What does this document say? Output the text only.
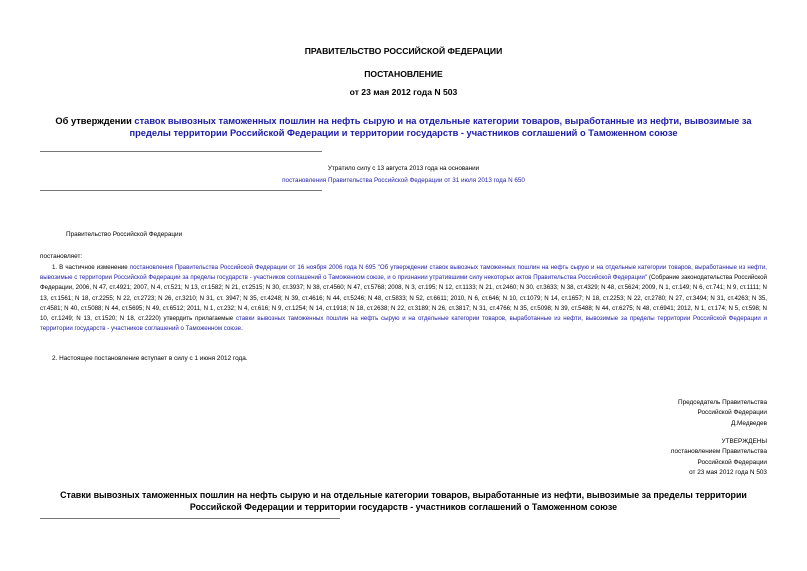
ПРАВИТЕЛЬСТВО РОССИЙСКОЙ ФЕДЕРАЦИИ
ПОСТАНОВЛЕНИЕ
от 23 мая 2012 года N 503
Об утверждении ставок вывозных таможенных пошлин на нефть сырую и на отдельные категории товаров, выработанные из нефти, вывозимые за пределы территории Российской Федерации и территории государств - участников соглашений о Таможенном союзе
Утратило силу с 13 августа 2013 года на основании
постановления Правительства Российской Федерации от 31 июля 2013 года N 650
Правительство Российской Федерации
постановляет:
1. В частичное изменение постановления Правительства Российской Федерации от 16 ноября 2006 года N 695 "Об утверждении ставок вывозных таможенных пошлин на нефть сырую и на отдельные категории товаров, выработанные из нефти, вывозимые с территории Российской Федерации за пределы государств - участников соглашений о Таможенном союзе, и о признании утратившими силу некоторых актов Правительства Российской Федерации" (Собрание законодательства Российской Федерации, 2006, N 47, ст.4921; 2007, N 4, ст.521; N 13, ст.1582; N 21, ст.2515; N 30, ст.3937; N 38, ст.4560; N 47, ст.5768; 2008, N 3, ст.195; N 12, ст.1133; N 21, ст.2460; N 30, ст.3633; N 38, ст.4329; N 48, ст.5624; 2009, N 1, ст.149; N 6, ст.741; N 9, ст.1111; N 13, ст.1561; N 18, ст.2255; N 22, ст.2723; N 26, ст.3210; N 31, ст. 3947; N 35, ст.4248; N 39, ст.4616; N 44, ст.5246; N 48, ст.5833; N 52, ст.6611; 2010, N 6, ст.646; N 10, ст.1079; N 14, ст.1657; N 18, ст.2253; N 22, ст.2780; N 27, ст.3494; N 31, ст.4263; N 35, ст.4581; N 40, ст.5088; N 44, ст.5695; N 49, ст.6512; 2011, N 1, ст.232; N 4, ст.616; N 9, ст.1254; N 14, ст.1918; N 18, ст.2638; N 22, ст.3189; N 26, ст.3817; N 31, ст.4766; N 35, ст.5098; N 39, ст.5488; N 44, ст.6275; N 48, ст.6941; 2012, N 1, ст.174; N 5, ст.598; N 10, ст.1249; N 13, ст.1520; N 18, ст.2220) утвердить прилагаемые ставки вывозных таможенных пошлин на нефть сырую и на отдельные категории товаров, выработанные из нефти, вывозимые за пределы территории Российской Федерации и территории государств - участников соглашений о Таможенном союзе.
2. Настоящее постановление вступает в силу с 1 июня 2012 года.
Председатель Правительства
Российской Федерации
Д.Медведев
УТВЕРЖДЕНЫ
постановлением Правительства
Российской Федерации
от 23 мая 2012 года N 503
Ставки вывозных таможенных пошлин на нефть сырую и на отдельные категории товаров, выработанные из нефти, вывозимые за пределы территории Российской Федерации и территории государств - участников соглашений о Таможенном союзе
